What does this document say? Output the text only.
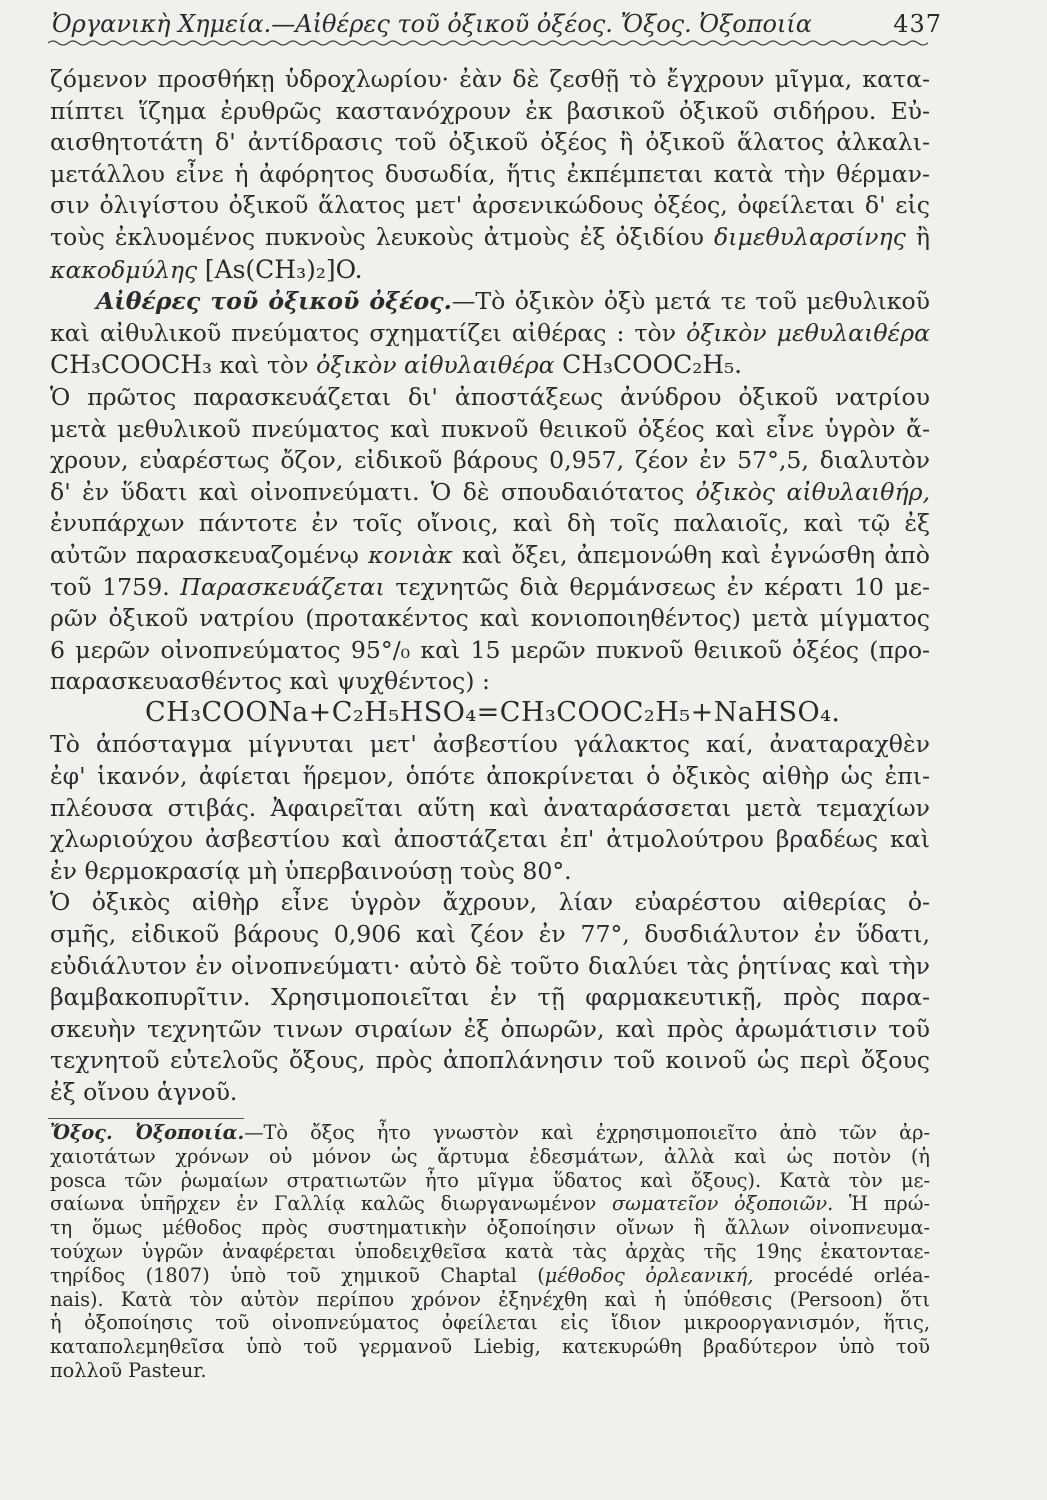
Ὀργανικὴ Χημεία.—Αἰθέρες τοῦ ὀξικοῦ ὀξέος. Ὄξος. Ὀξοποιία	437
ζόμενον προσθήκῃ ὑδροχλωρίου· ἐὰν δὲ ζεσθῇ τὸ ἔγχρουν μῖγμα, κατα-
πίπτει ἵζημα ἐρυθρῶς καστανόχρουν ἐκ βασικοῦ ὀξικοῦ σιδήρου. Εὐ-
αισθητοτάτη δ' ἀντίδρασις τοῦ ὀξικοῦ ὀξέος ἢ ὀξικοῦ ἅλατος ἀλκαλι-
μετάλλου εἶνε ἡ ἀφόρητος δυσωδία, ἥτις ἐκπέμπεται κατὰ τὴν θέρμαν-
σιν ὀλιγίστου ὀξικοῦ ἅλατος μετ' ἀρσενικώδους ὀξέος, ὀφείλεται δ' εἰς
τοὺς ἐκλυομένος πυκνοὺς λευκοὺς ἀτμοὺς ἐξ ὀξιδίου διμεθυλαρσίνης ἢ
κακοδμύλης [As(CH₃)₂]O.
Αἰθέρες τοῦ ὀξικοῦ ὀξέος.—Τὸ ὀξικὸν ὀξὺ μετά τε τοῦ μεθυλικοῦ
καὶ αἰθυλικοῦ πνεύματος σχηματίζει αἰθέρας : τὸν ὀξικὸν μεθυλαιθέρα
CH₃COOCH₃ καὶ τὸν ὀξικὸν αἰθυλαιθέρα CH₃COOC₂H₅.
Ὁ πρῶτος παρασκευάζεται δι' ἀποστάξεως ἀνύδρου ὀξικοῦ νατρίου
μετὰ μεθυλικοῦ πνεύματος καὶ πυκνοῦ θειικοῦ ὀξέος καὶ εἶνε ὑγρὸν ἄ-
χρουν, εὐαρέστως ὄζον, εἰδικοῦ βάρους 0,957, ζέον ἐν 57°,5, διαλυτὸν
δ' ἐν ὕδατι καὶ οἰνοπνεύματι. Ὁ δὲ σπουδαιότατος ὀξικὸς αἰθυλαιθήρ,
ἐνυπάρχων πάντοτε ἐν τοῖς οἴνοις, καὶ δὴ τοῖς παλαιοῖς, καὶ τῷ ἐξ
αὐτῶν παρασκευαζομένῳ κονιὰκ καὶ ὄξει, ἀπεμονώθη καὶ ἐγνώσθη ἀπὸ
τοῦ 1759. Παρασκευάζεται τεχνητῶς διὰ θερμάνσεως ἐν κέρατι 10 με-
ρῶν ὀξικοῦ νατρίου (προτακέντος καὶ κονιοποιηθέντος) μετὰ μίγματος
6 μερῶν οἰνοπνεύματος 95°/₀ καὶ 15 μερῶν πυκνοῦ θειικοῦ ὀξέος (προ-
παρασκευασθέντος καὶ ψυχθέντος) :

Τὸ ἀπόσταγμα μίγνυται μετ' ἀσβεστίου γάλακτος καί, ἀναταραχθὲν
ἐφ' ἱκανόν, ἀφίεται ἥρεμον, ὁπότε ἀποκρίνεται ὁ ὀξικὸς αἰθὴρ ὡς ἐπι-
πλέουσα στιβάς. Ἀφαιρεῖται αὕτη καὶ ἀναταράσσεται μετὰ τεμαχίων
χλωριούχου ἀσβεστίου καὶ ἀποστάζεται ἐπ' ἀτμολούτρου βραδέως καὶ
ἐν θερμοκρασίᾳ μὴ ὑπερβαινούσῃ τοὺς 80°.
Ὁ ὀξικὸς αἰθὴρ εἶνε ὑγρὸν ἄχρουν, λίαν εὐαρέστου αἰθερίας ὀ-
σμῆς, εἰδικοῦ βάρους 0,906 καὶ ζέον ἐν 77°, δυσδιάλυτον ἐν ὕδατι,
εὐδιάλυτον ἐν οἰνοπνεύματι· αὐτὸ δὲ τοῦτο διαλύει τὰς ῥητίνας καὶ τὴν
βαμβακοπυρῖτιν. Χρησιμοποιεῖται ἐν τῇ φαρμακευτικῇ, πρὸς παρα-
σκευὴν τεχνητῶν τινων σιραίων ἐξ ὀπωρῶν, καὶ πρὸς ἀρωμάτισιν τοῦ
τεχνητοῦ εὐτελοῦς ὄξους, πρὸς ἀποπλάνησιν τοῦ κοινοῦ ὡς περὶ ὄξους
ἐξ οἴνου ἁγνοῦ.
CH₃COONa+C₂H₅HSO₄=CH₃COOC₂H₅+NaHSO₄.
Ὄξος. Ὀξοποιία.—Τὸ ὄξος ἦτο γνωστὸν καὶ ἐχρησιμοποιεῖτο ἀπὸ τῶν ἀρ-
χαιοτάτων χρόνων οὐ μόνον ὡς ἄρτυμα ἐδεσμάτων, ἀλλὰ καὶ ὡς ποτὸν (ἡ
posca τῶν ῥωμαίων στρατιωτῶν ἦτο μῖγμα ὕδατος καὶ ὄξους). Κατὰ τὸν με-
σαίωνα ὑπῆρχεν ἐν Γαλλίᾳ καλῶς διωργανωμένον σωματεῖον ὀξοποιῶν. Ἡ πρώ-
τη ὅμως μέθοδος πρὸς συστηματικὴν ὀξοποίησιν οἴνων ἢ ἄλλων οἰνοπνευμα-
τούχων ὑγρῶν ἀναφέρεται ὑποδειχθεῖσα κατὰ τὰς ἀρχὰς τῆς 19ης ἑκατονταε-
τηρίδος (1807) ὑπὸ τοῦ χημικοῦ Chaptal (μέθοδος ὀρλεανική, procédé orléa-
nais). Κατὰ τὸν αὐτὸν περίπου χρόνον ἐξηνέχθη καὶ ἡ ὑπόθεσις (Persoon) ὅτι
ἡ ὀξοποίησις τοῦ οἰνοπνεύματος ὀφείλεται εἰς ἴδιον μικροοργανισμόν, ἥτις,
καταπολεμηθεῖσα ὑπὸ τοῦ γερμανοῦ Liebig, κατεκυρώθη βραδύτερον ὑπὸ τοῦ
πολλοῦ Pasteur.
